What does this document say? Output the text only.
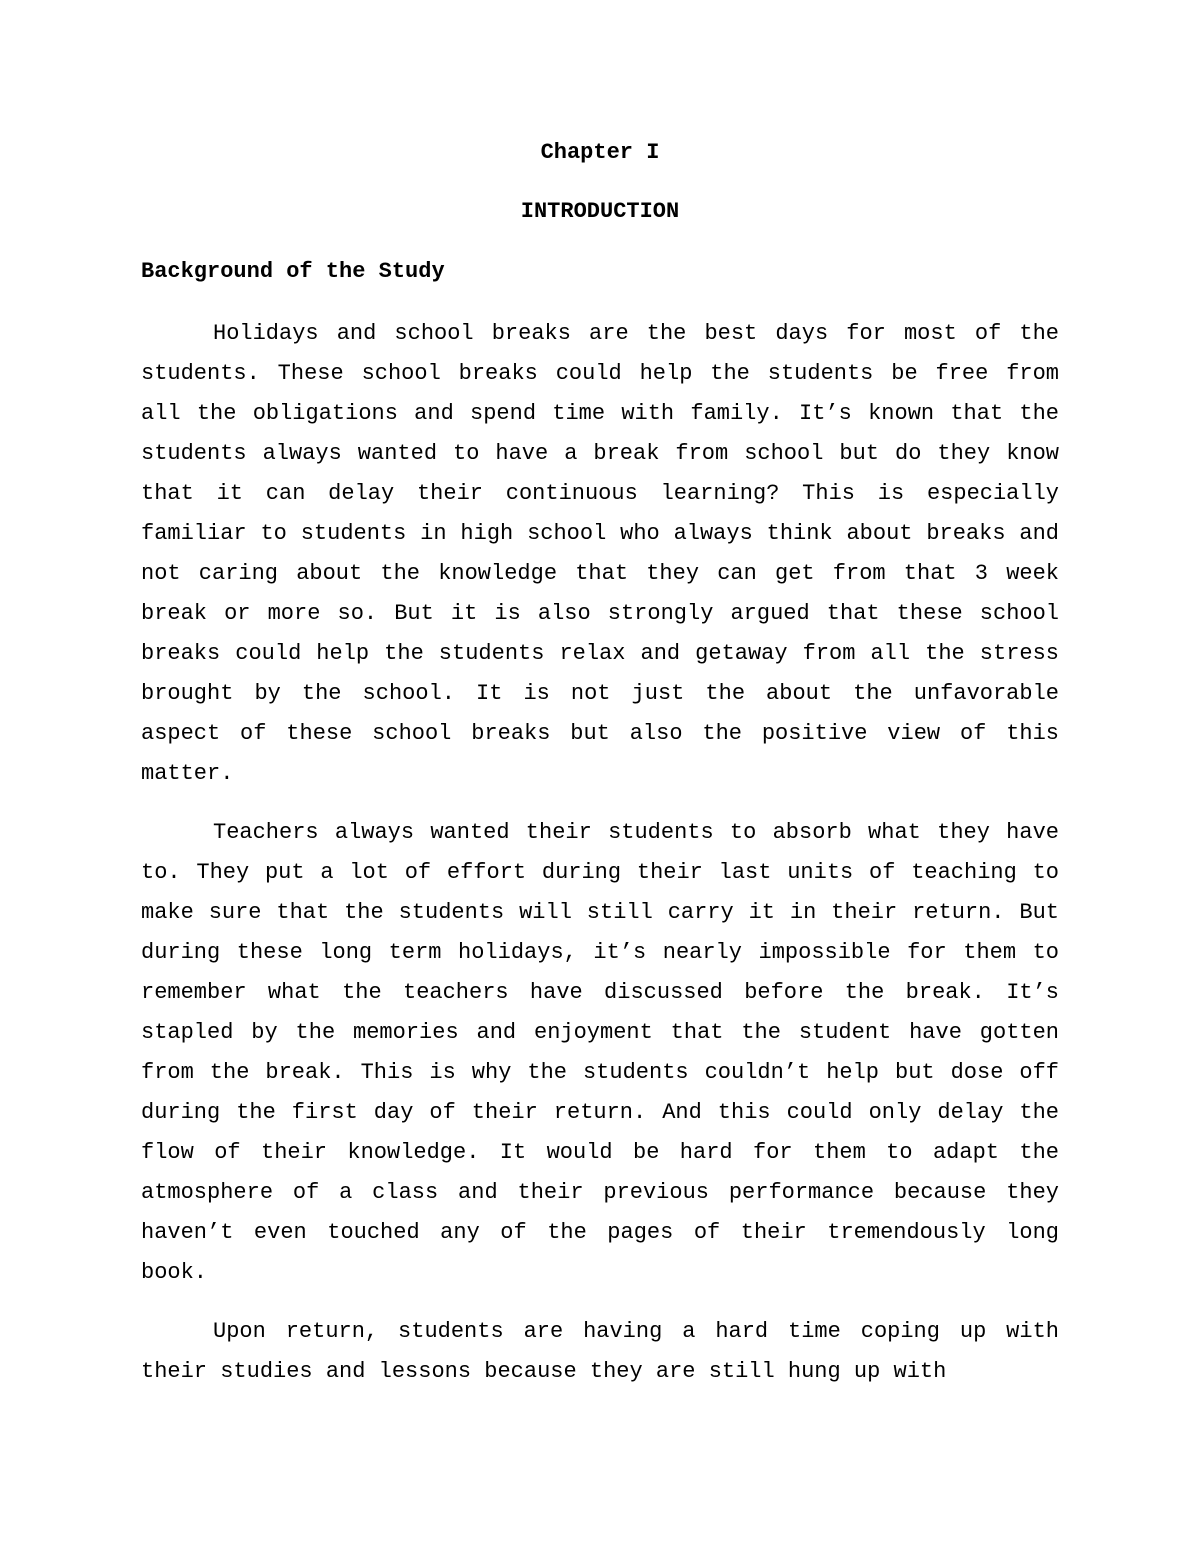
Chapter I
INTRODUCTION
Background of the Study

Holidays and school breaks are the best days for most of the students. These school breaks could help the students be free from all the obligations and spend time with family. It’s known that the students always wanted to have a break from school but do they know that it can delay their continuous learning? This is especially familiar to students in high school who always think about breaks and not caring about the knowledge that they can get from that 3 week break or more so. But it is also strongly argued that these school breaks could help the students relax and getaway from all the stress brought by the school. It is not just the about the unfavorable aspect of these school breaks but also the positive view of this matter.

Teachers always wanted their students to absorb what they have to. They put a lot of effort during their last units of teaching to make sure that the students will still carry it in their return. But during these long term holidays, it’s nearly impossible for them to remember what the teachers have discussed before the break. It’s stapled by the memories and enjoyment that the student have gotten from the break. This is why the students couldn’t help but dose off during the first day of their return. And this could only delay the flow of their knowledge. It would be hard for them to adapt the atmosphere of a class and their previous performance because they haven’t even touched any of the pages of their tremendously long book.

Upon return, students are having a hard time coping up with their studies and lessons because they are still hung up with
